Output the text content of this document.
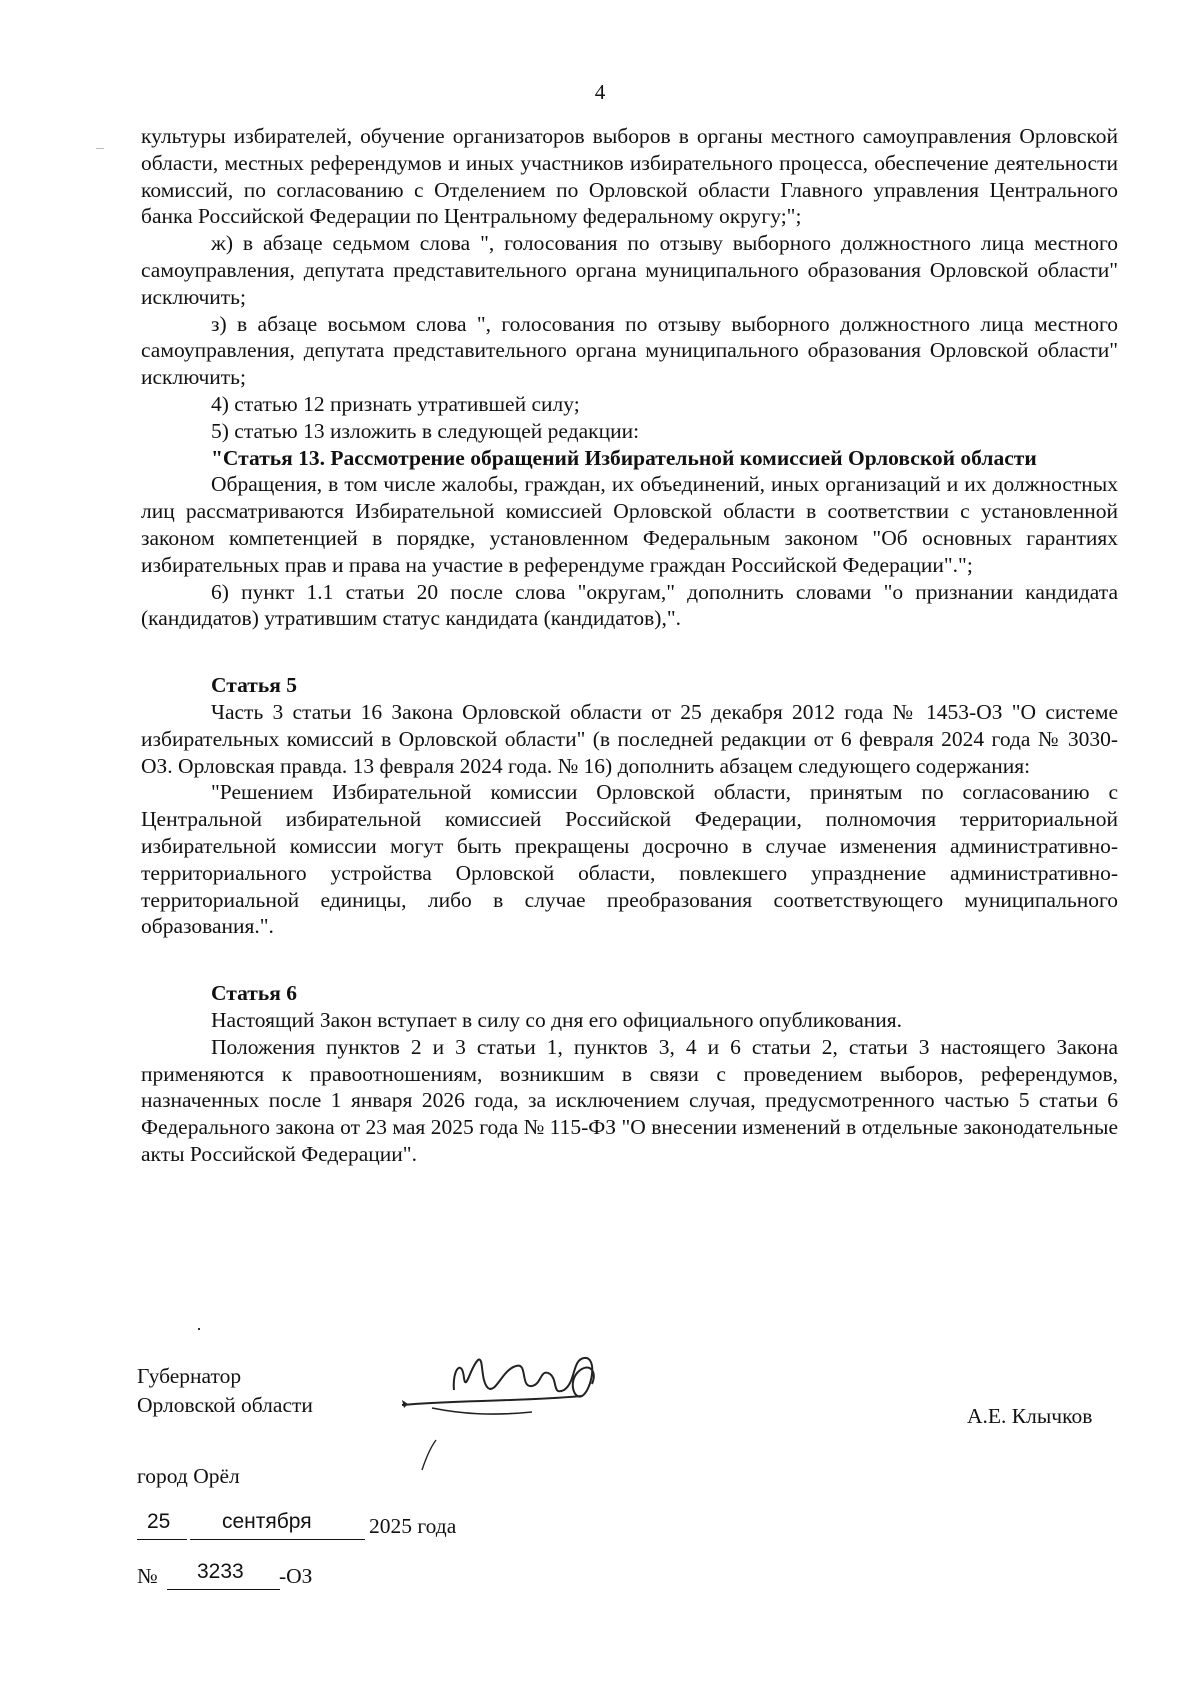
4

культуры избирателей, обучение организаторов выборов в органы местного самоуправления Орловской области, местных референдумов и иных участников избирательного процесса, обеспечение деятельности комиссий, по согласованию с Отделением по Орловской области Главного управления Центрального банка Российской Федерации по Центральному федеральному округу;";

ж) в абзаце седьмом слова ", голосования по отзыву выборного должностного лица местного самоуправления, депутата представительного органа муниципального образования Орловской области" исключить;

з) в абзаце восьмом слова ", голосования по отзыву выборного должностного лица местного самоуправления, депутата представительного органа муниципального образования Орловской области" исключить;

4) статью 12 признать утратившей силу;

5) статью 13 изложить в следующей редакции:

"Статья 13. Рассмотрение обращений Избирательной комиссией Орловской области

Обращения, в том числе жалобы, граждан, их объединений, иных организаций и их должностных лиц рассматриваются Избирательной комиссией Орловской области в соответствии с установленной законом компетенцией в порядке, установленном Федеральным законом "Об основных гарантиях избирательных прав и права на участие в референдуме граждан Российской Федерации".";

6) пункт 1.1 статьи 20 после слова "округам," дополнить словами "о признании кандидата (кандидатов) утратившим статус кандидата (кандидатов),".

Статья 5

Часть 3 статьи 16 Закона Орловской области от 25 декабря 2012 года № 1453-ОЗ "О системе избирательных комиссий в Орловской области" (в последней редакции от 6 февраля 2024 года № 3030-ОЗ. Орловская правда. 13 февраля 2024 года. № 16) дополнить абзацем следующего содержания:

"Решением Избирательной комиссии Орловской области, принятым по согласованию с Центральной избирательной комиссией Российской Федерации, полномочия территориальной избирательной комиссии могут быть прекращены досрочно в случае изменения административно-территориального устройства Орловской области, повлекшего упразднение административно-территориальной единицы, либо в случае преобразования соответствующего муниципального образования.".

Статья 6

Настоящий Закон вступает в силу со дня его официального опубликования.

Положения пунктов 2 и 3 статьи 1, пунктов 3, 4 и 6 статьи 2, статьи 3 настоящего Закона применяются к правоотношениям, возникшим в связи с проведением выборов, референдумов, назначенных после 1 января 2026 года, за исключением случая, предусмотренного частью 5 статьи 6 Федерального закона от 23 мая 2025 года № 115-ФЗ "О внесении изменений в отдельные законодательные акты Российской Федерации".

Губернатор
Орловской области	А.Е. Клычков
город Орёл
25 сентября	2025 года
№ 3233 -ОЗ
